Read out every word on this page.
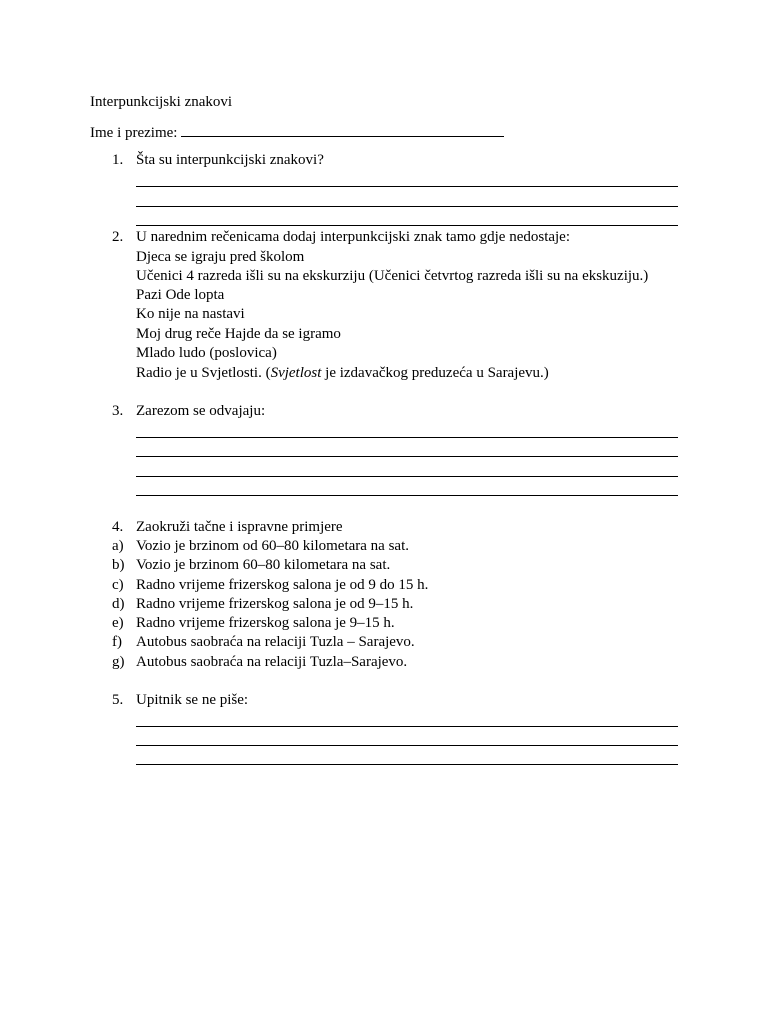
Interpunkcijski znakovi
Ime i prezime:
1. Šta su interpunkcijski znakovi?
2. U narednim rečenicama dodaj interpunkcijski znak tamo gdje nedostaje:
Djeca se igraju pred školom
Učenici 4 razreda išli su na ekskurziju (Učenici četvrtog razreda išli su na ekskuziju.)
Pazi Ode lopta
Ko nije na nastavi
Moj drug reče Hajde da se igramo
Mlado ludo (poslovica)
Radio je u Svjetlosti. (Svjetlost je izdavačkog preduzeća u Sarajevu.)
3. Zarezom se odvajaju:
4. Zaokruži tačne i ispravne primjere
a) Vozio je brzinom od 60–80 kilometara na sat.
b) Vozio je brzinom 60–80 kilometara na sat.
c) Radno vrijeme frizerskog salona je od 9 do 15 h.
d) Radno vrijeme frizerskog salona je od 9–15 h.
e) Radno vrijeme frizerskog salona je 9–15 h.
f) Autobus saobraća na relaciji Tuzla – Sarajevo.
g) Autobus saobraća na relaciji Tuzla–Sarajevo.
5. Upitnik se ne piše:
